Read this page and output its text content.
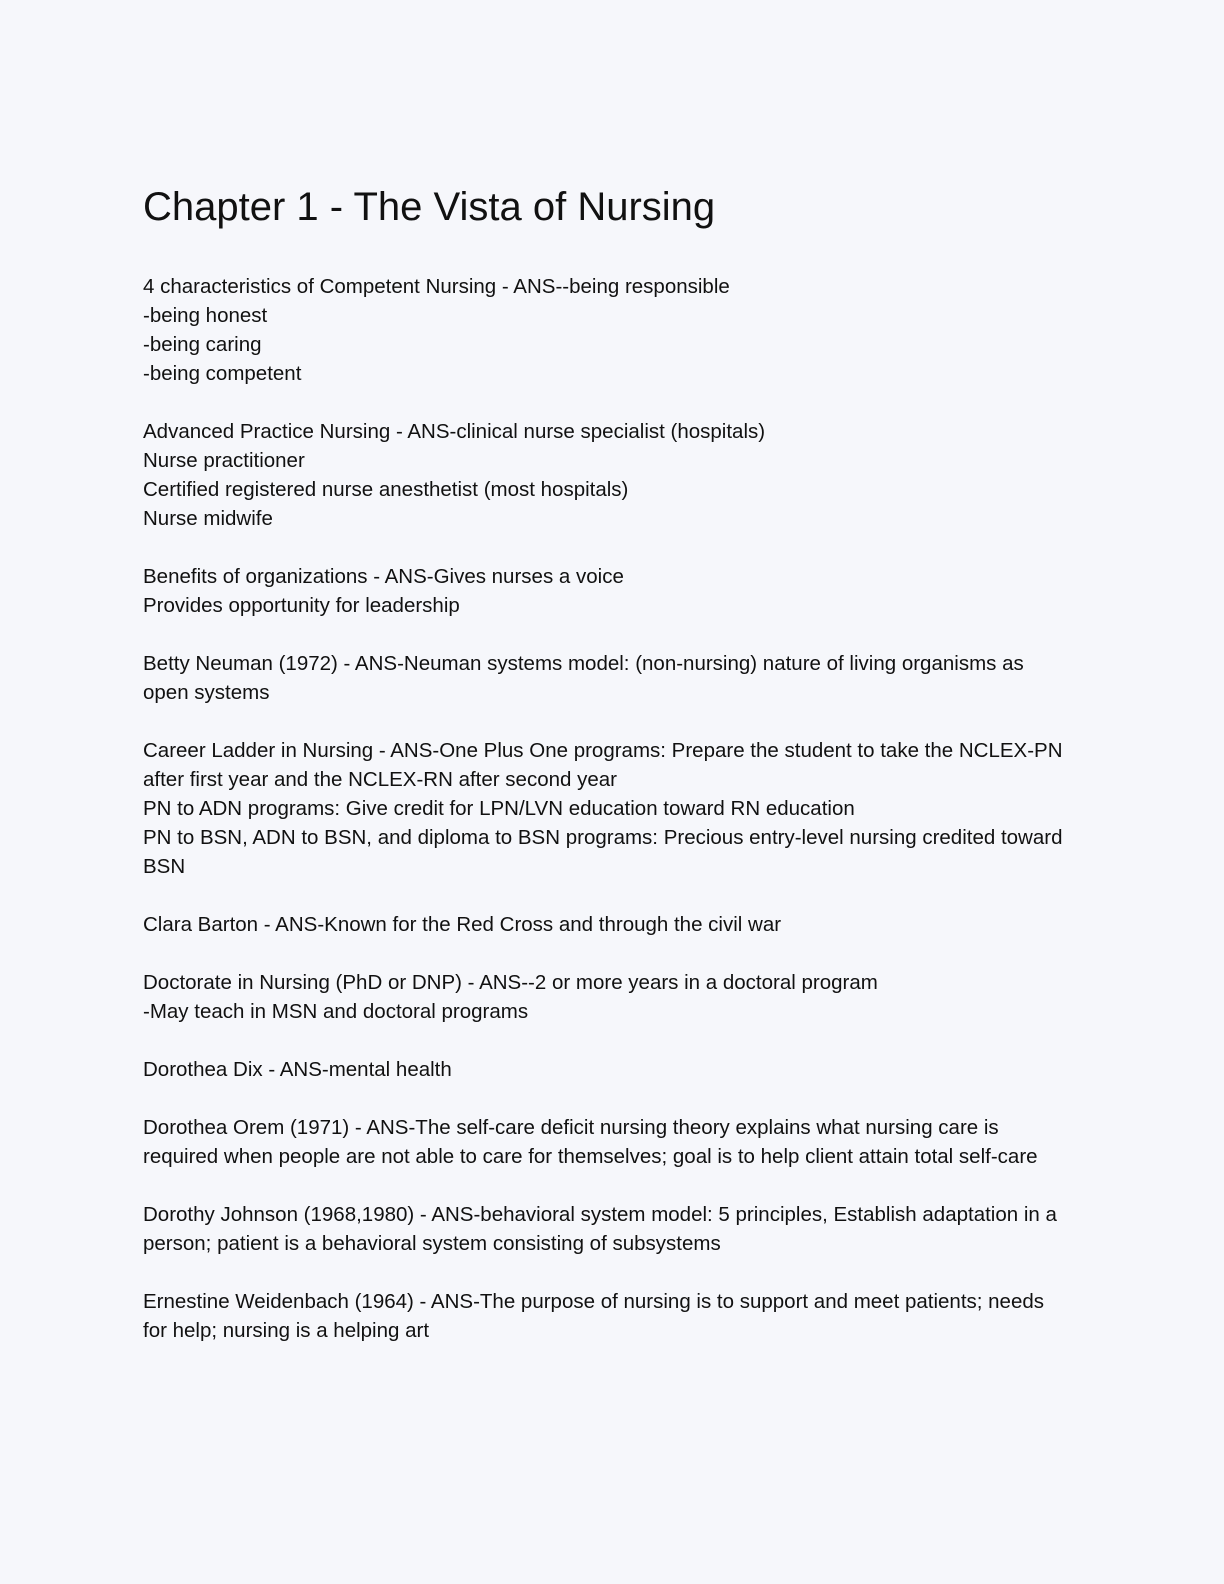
Chapter 1 - The Vista of Nursing
4 characteristics of Competent Nursing - ANS--being responsible
-being honest
-being caring
-being competent
Advanced Practice Nursing - ANS-clinical nurse specialist (hospitals)
Nurse practitioner
Certified registered nurse anesthetist (most hospitals)
Nurse midwife
Benefits of organizations - ANS-Gives nurses a voice
Provides opportunity for leadership
Betty Neuman (1972) - ANS-Neuman systems model: (non-nursing) nature of living organisms as open systems
Career Ladder in Nursing - ANS-One Plus One programs: Prepare the student to take the NCLEX-PN after first year and the NCLEX-RN after second year
PN to ADN programs: Give credit for LPN/LVN education toward RN education
PN to BSN, ADN to BSN, and diploma to BSN programs: Precious entry-level nursing credited toward BSN
Clara Barton - ANS-Known for the Red Cross and through the civil war
Doctorate in Nursing (PhD or DNP) - ANS--2 or more years in a doctoral program
-May teach in MSN and doctoral programs
Dorothea Dix - ANS-mental health
Dorothea Orem (1971) - ANS-The self-care deficit nursing theory explains what nursing care is required when people are not able to care for themselves; goal is to help client attain total self-care
Dorothy Johnson (1968,1980) - ANS-behavioral system model: 5 principles, Establish adaptation in a person; patient is a behavioral system consisting of subsystems
Ernestine Weidenbach (1964) - ANS-The purpose of nursing is to support and meet patients; needs for help; nursing is a helping art
